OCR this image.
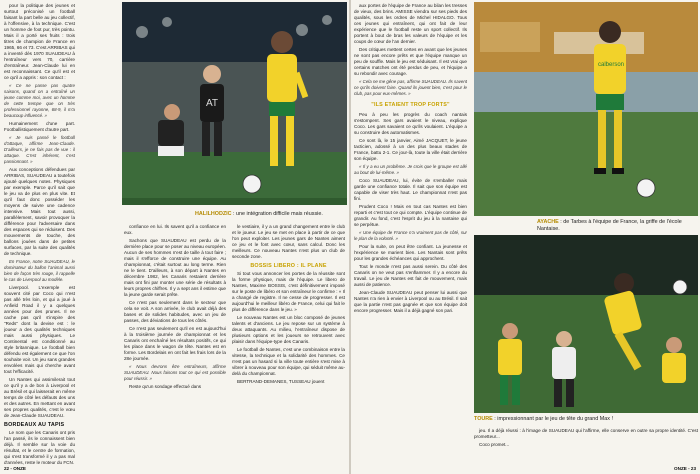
pour la politique des jeunes et surtout préconisé un football faisant la part belle au jeu collectif, à l'offensive, à la technique. C'est un homme de foot pur, très pointu. Mais il a porté ses fruits : trois titres de champion de France en 1965, 66 et 73. C'est ARRIBAS qui a inventé dès 1970 SUAUDEAU à l'entraîneur vers 70, carrière d'entraîneur. Jean-Claude lui en est reconnaissant. Ce qu'il est et ce qu'il a appris : son contact :

« Ce ne passe pas quatre saisons, quand on a entraîné un jeune comme moi, avec un homme de cette trempe que on très professionnel rayonne, 68-9, il m'a beaucoup influencé. »

Humainement d'une part. Footballistiquement d'autre part.

« Je suis passé le football d'attaque, affirme Jean-Claude. D'ailleurs, je ne fais pas de vue : il attaque. C'est inhérent, c'est passionnant. »

Aux conceptions défendues par ARRIBAS, SUAUDEAU a toutefois ajouté quelques notes. Physiques par exemple. Parce qu'il sait que le jeu va de plus en plus vite. Et qu'il faut donc posséder les moyens de suivre une cadence intensive. Mais tout aussi, parallèlement, savoir provoquer la différence pour l'adversaire dans des espaces qui se réduisent. Des mouvements de touche, des ballons jouées dans de petites surfaces, par la suite des qualités de technique.

En France, notre SUAUDEAU, le dominateur du ballon l'animal aussi bien de façon très rouge, il rappelle le cas de Liverpool au modèle.

Liverpool. L'exemple est souvent cité par Coco qui n'est pas allé très loin, et qui a joué à Anfield Road il y a quelques années pour des prunes. Il ne cache pas qu'il s'inspire des "Reds" dont la devise est : le joueur a des qualités techniques mais aussi physiques. Le Continental est conditionné au style britannique. Le football bien défendu est également ce que l'on souhaite voir. Un jeu sans grandes envolées mais qui cherche avant tout l'efficacité.

Un Nantes qui assimilerait tout ce qu'il y a de bon à Liverpool et au Brésil et qui laisserait en même temps de côté les défauts des uns et des autres. En mettant en avant ses propres qualités, c'est le vœu de Jean-Claude SUAUDEAU.

BORDEAUX AU TAPIS

Le nom que les Canaris ont pris l'an passé, ils le connaissent bien déjà. Il semble sur la voie du résultat, et le centre de formation, qui s'est transformé il y a pas mal d'années, reste le moteur du FCN.

AT
HALILHODZIC : une intégration difficile mais réussie.

confiance en lui. Ils savent qu'il a confiance en eux.

Sachons que SUAUDEAU est perdu de la dernière place pour se poser au niveau européen. Aucun de ses hommes n'est de taille à tout faire ; mais il s'efforce de construire une équipe. Au championnat, c'était surtout au long terme. Rien ne le tient. D'ailleurs, à son départ à Nantes en décembre 1982, les Canaris restaient derrière mais ont fini par monter une série de résultats à leurs propres chiffres. Il y a sept ans il estime que la jeune garde serait prête.

Ce n'est pas seulement dans le secteur que cela se voit. A son arrivée, le club avait déjà des bases et de solides habitudes, avec un jeu de passes, des déviations de tous les côtés.

Ce n'est pas seulement qu'il en est aujourd'hui à la troisième journée de championnat et les Canaris ont enchaîné les résultats positifs, ce qui les place dans le wagon de tête. Nantes est en forme. Les Bordelais en ont fait les frais lors de la 28e journée.

« Nous devrons être entraîneurs, affirme SUAUDEAU. Nous faisons tout ce qui est possible pour réussir. »

Reste qu'un sondage effectué dans

le vestiaire, il y a un grand changement entre le club et le joueur. Le jeu se met en place à partir de ce que l'on peut exploiter. Les jeunes gars de Nantes aiment ce jeu et le font avec cœur, sans calcul. Donc les meilleurs. Ce nouveau Nantes n'est plus un club de seconde zone.

BOSSIS LIBERO : IL PLANE

Si tout vous annoncer les portes de la réussite sont la forme physique, mais de l'équipe. Le libero de Nantes, Maxime BOSSIS, c'est définitivement imposé sur le poste de libéro et son entraîneur le confirme : « Il a changé de registre. Il ne cesse de progresser. Il est aujourd'hui le meilleur libéro de France, celui qui fait le plus de différence dans le jeu. »

Le nouveau Nantes est un bloc composé de jeunes talents et d'anciens. Le jeu repose sur un système à deux attaquants. Au milieu, l'entraîneur dispose de plusieurs options et les joueurs se retrouvent avec plaisir dans l'équipe-type des Canaris.

Le football de Nantes, c'est une combinaison entre la vitesse, la technique et la solidarité des hommes. Ce n'est pas un hasard si la ville toute entière s'est mise à vibrer à nouveau pour son équipe, qui séduit même au-delà du championnat.

BERTRAND-DEMANES, TUSSEAU jouent

22 - ONZE

aux portes de l'équipe de France au bilan les tresses de vieux, des brins. AMISSE viendra sur ses pieds des qualités, sous les ordres de Michel HIDALGO. Tous ces jeunes qui entraînent, qui ont fait de leur expérience que le football reste un sport collectif. Ils portent à bout de bras les valeurs de l'équipe et les coups de cœur de l'an dernier.

Des critiques mettent certes en avant que les jeunes ne sont pas encore prêts et que l'équipe manque un peu de souffle. Mais le jeu est séduisant. Il est vrai que certains matches ont été perdus de peu, et l'équipe a su rebondir avec courage.

« Cela ne me gêne pas, affirme SUAUDEAU. Ils savent ce qu'ils doivent faire. Quand ils jouent bien, c'est pour le club, pas pour eux-mêmes. »

"ILS ETAIENT TROP FORTS"

Peu à peu les progrès du coach nantais s'estompent. Ses gars avaient le niveau, explique Coco. Les gars savaient ce qu'ils voulaient. L'équipe a su construire des automatismes.

Ce sont là, le 15 janvier, Aimé JACQUET, le jeune tacticien, adossé à un des plus beaux stades de France, battu 2-1. Ce jour-là, toute la ville était derrière son équipe.

« Il y a eu un problème. Je crois que le groupe est allé au bout de lui-même. »

Coco SUAUDEAU, lui, évite de s'emballer mais garde une confiance totale. Il sait que son équipe est capable de viser très haut. Le championnat n'est pas fini.

Prudent Coco ! Mais en tout cas Nantes est bien reparti et c'est tout ce qui compte. L'équipe continue de grandir. Au fond, c'est l'esprit du jeu à la nantaise qui se perpétue.

« Une équipe de France n'a vraiment pas de côté, sur le plan de la volonté. »

Pour la suite, on peut être confiant. La jeunesse et l'expérience se marient bien. Les Nantais sont prêts pour les grandes échéances qui approchent.

Tout le monde n'est pas aussi serein. Du côté des Canaris on ne veut pas s'enflammer. Il y a encore du travail. Le jeu de Nantes est fait de mouvement, mais aussi de patience.

Jean-Claude SUAUDEAU peut penser lui aussi que Nantes n'a rien à envier à Liverpool ou au Brésil. Il sait que la partie n'est pas gagnée et que son équipe doit encore progresser. Mais il a déjà gagné son pari.

calberson
AYACHE : de Tarbes à l'équipe de France, la griffe de l'école Nantaise.
TOURE : impressionnant par le jeu de tête du grand Max !

jeu. Il a déjà réussi : à l'image de SUAUDEAU qui l'affirme, elle conserve en outre sa propre identité. C'est prometteur...

Coco promet...

ONZE - 23
